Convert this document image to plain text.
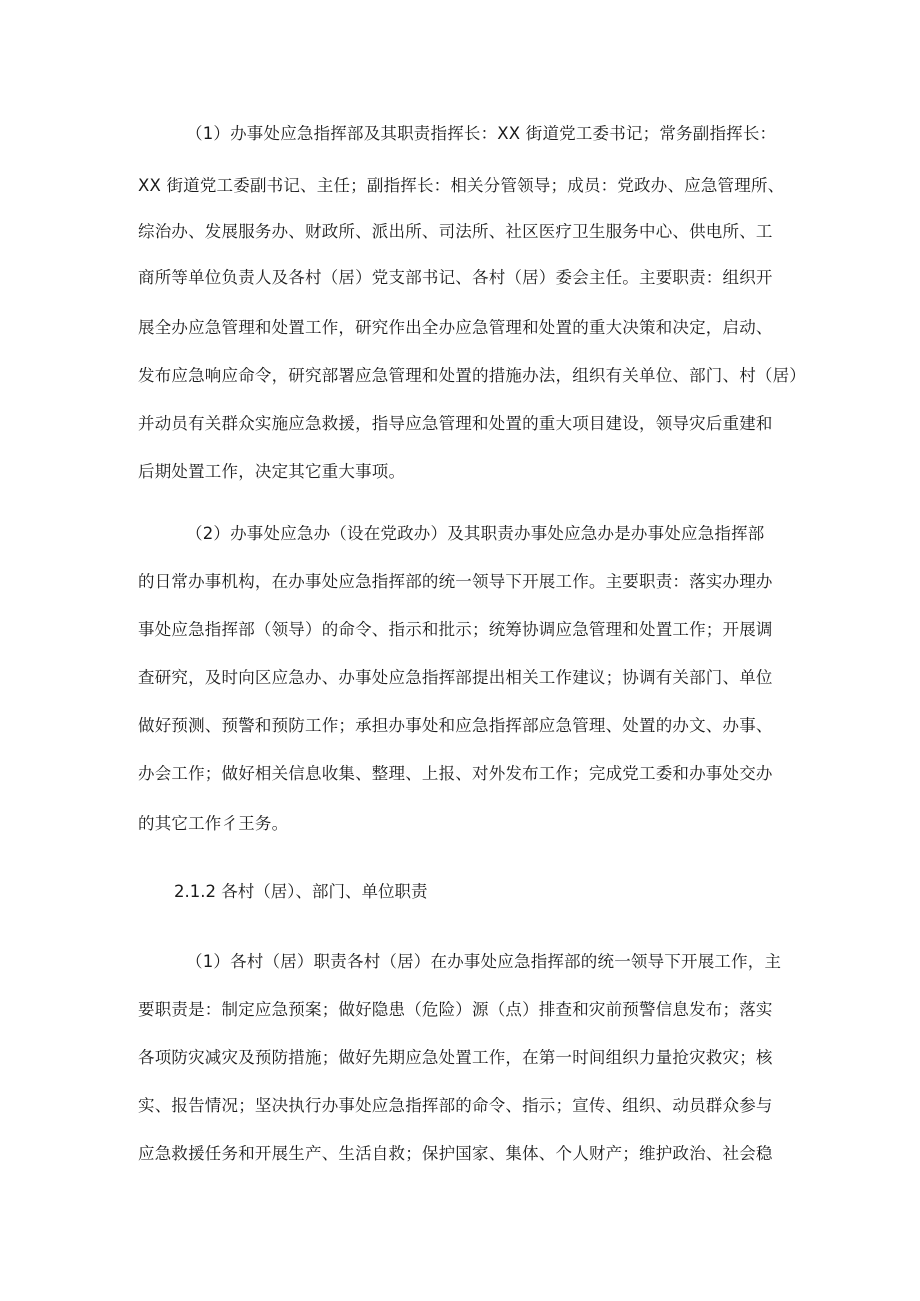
（1）办事处应急指挥部及其职责指挥长：XX 街道党工委书记；常务副指挥长：
XX 街道党工委副书记、主任；副指挥长：相关分管领导；成员：党政办、应急管理所、
综治办、发展服务办、财政所、派出所、司法所、社区医疗卫生服务中心、供电所、工
商所等单位负责人及各村（居）党支部书记、各村（居）委会主任。主要职责：组织开
展全办应急管理和处置工作，研究作出全办应急管理和处置的重大决策和决定，启动、
发布应急响应命令，研究部署应急管理和处置的措施办法，组织有关单位、部门、村（居）
并动员有关群众实施应急救援，指导应急管理和处置的重大项目建设，领导灾后重建和
后期处置工作，决定其它重大事项。
（2）办事处应急办（设在党政办）及其职责办事处应急办是办事处应急指挥部
的日常办事机构，在办事处应急指挥部的统一领导下开展工作。主要职责：落实办理办
事处应急指挥部（领导）的命令、指示和批示；统筹协调应急管理和处置工作；开展调
查研究，及时向区应急办、办事处应急指挥部提出相关工作建议；协调有关部门、单位
做好预测、预警和预防工作；承担办事处和应急指挥部应急管理、处置的办文、办事、
办会工作；做好相关信息收集、整理、上报、对外发布工作；完成党工委和办事处交办
的其它工作彳王务。
2.1.2 各村（居）、部门、单位职责
（1）各村（居）职责各村（居）在办事处应急指挥部的统一领导下开展工作，主
要职责是：制定应急预案；做好隐患（危险）源（点）排查和灾前预警信息发布；落实
各项防灾减灾及预防措施；做好先期应急处置工作，在第一时间组织力量抢灾救灾；核
实、报告情况；坚决执行办事处应急指挥部的命令、指示；宣传、组织、动员群众参与
应急救援任务和开展生产、生活自救；保护国家、集体、个人财产；维护政治、社会稳
